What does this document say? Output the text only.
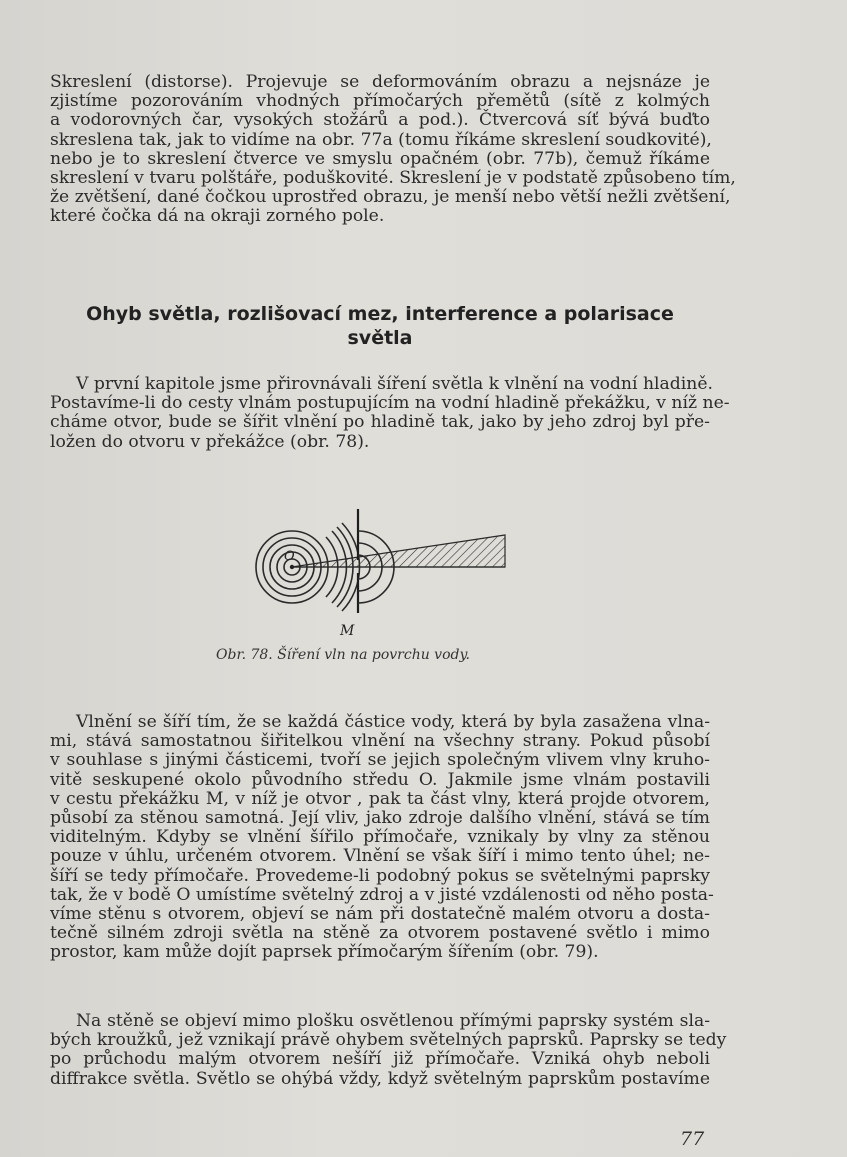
Skreslení (distorse). Projevuje se deformováním obrazu a nejsnáze je
zjistíme pozorováním vhodných přímočarých přemětů (sítě z kolmých
a vodorovných čar, vysokých stožárů a pod.). Čtvercová síť bývá buďto
skreslena tak, jak to vidíme na obr. 77a (tomu říkáme skreslení soudkovité),
nebo je to skreslení čtverce ve smyslu opačném (obr. 77b), čemuž říkáme
skreslení v tvaru polštáře, poduškovité. Skreslení je v podstatě způsobeno tím,
že zvětšení, dané čočkou uprostřed obrazu, je menší nebo větší nežli zvětšení,
které čočka dá na okraji zorného pole.
Ohyb světla, rozlišovací mez, interference a polarisace
světla
V první kapitole jsme přirovnávali šíření světla k vlnění na vodní hladině.
Postavíme-li do cesty vlnám postupujícím na vodní hladině překážku, v níž ne-
cháme otvor, bude se šířit vlnění po hladině tak, jako by jeho zdroj byl pře-
ložen do otvoru v překážce (obr. 78).
O
M
Obr. 78. Šíření vln na povrchu vody.
Vlnění se šíří tím, že se každá částice vody, která by byla zasažena vlna-
mi, stává samostatnou šiřitelkou vlnění na všechny strany. Pokud působí
v souhlase s jinými částicemi, tvoří se jejich společným vlivem vlny kruho-
vitě seskupené okolo původního středu O. Jakmile jsme vlnám postavili
v cestu překážku M, v níž je otvor , pak ta část vlny, která projde otvorem,
působí za stěnou samotná. Její vliv, jako zdroje dalšího vlnění, stává se tím
viditelným. Kdyby se vlnění šířilo přímočaře, vznikaly by vlny za stěnou
pouze v úhlu, určeném otvorem. Vlnění se však šíří i mimo tento úhel; ne-
šíří se tedy přímočaře. Provedeme-li podobný pokus se světelnými paprsky
tak, že v bodě O umístíme světelný zdroj a v jisté vzdálenosti od něho posta-
víme stěnu s otvorem, objeví se nám při dostatečně malém otvoru a dosta-
tečně silném zdroji světla na stěně za otvorem postavené světlo i mimo
prostor, kam může dojít paprsek přímočarým šířením (obr. 79).
Na stěně se objeví mimo plošku osvětlenou přímými paprsky systém sla-
bých kroužků, jež vznikají právě ohybem světelných paprsků. Paprsky se tedy
po průchodu malým otvorem nešíří již přímočaře. Vzniká ohyb neboli
diffrakce světla. Světlo se ohýbá vždy, když světelným paprskům postavíme
77
